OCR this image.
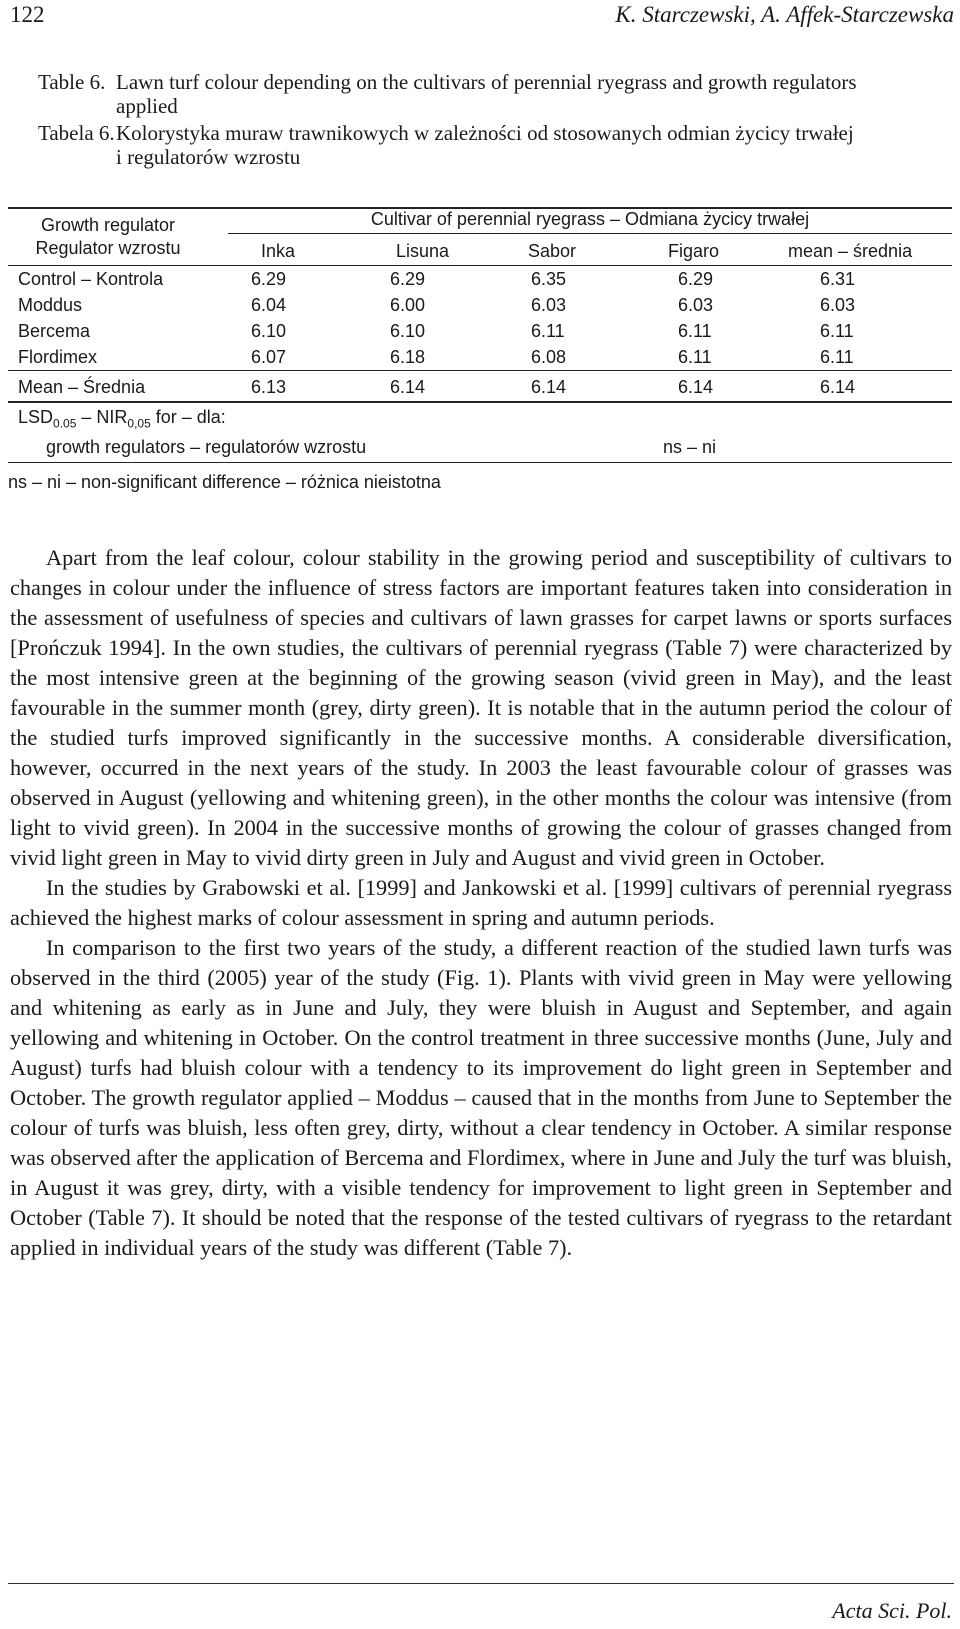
122	K. Starczewski, A. Affek-Starczewska
Table 6. Lawn turf colour depending on the cultivars of perennial ryegrass and growth regulators
applied
Tabela 6.Kolorystyka muraw trawnikowych w zależności od stosowanych odmian życicy trwałej
i regulatorów wzrostu
Growth regulator
Regulator wzrostu
Cultivar of perennial ryegrass – Odmiana życicy trwałej
Inka	Lisuna	Sabor	Figaro	mean – średnia
Control – Kontrola	6.29	6.29	6.35	6.29	6.31
Moddus	6.04	6.00	6.03	6.03	6.03
Bercema	6.10	6.10	6.11	6.11	6.11
Flordimex	6.07	6.18	6.08	6.11	6.11
Mean – Średnia	6.13	6.14	6.14	6.14	6.14
$LSD_{0.05} - NIR_{0,05}$ for – dla:
growth regulators – regulatorów wzrostu	ns – ni
ns – ni – non-significant difference – różnica nieistotna

Apart from the leaf colour, colour stability in the growing period and susceptibility of cultivars to changes in colour under the influence of stress factors are important features taken into consideration in the assessment of usefulness of species and cultivars of lawn grasses for carpet lawns or sports surfaces [Prończuk 1994]. In the own studies, the cultivars of perennial ryegrass (Table 7) were characterized by the most intensive green at the beginning of the growing season (vivid green in May), and the least favourable in the summer month (grey, dirty green). It is notable that in the autumn period the colour of the studied turfs improved significantly in the successive months. A considerable diversification, however, occurred in the next years of the study. In 2003 the least favourable colour of grasses was observed in August (yellowing and whitening green), in the other months the colour was intensive (from light to vivid green). In 2004 in the successive months of growing the colour of grasses changed from vivid light green in May to vivid dirty green in July and August and vivid green in October.

In the studies by Grabowski et al. [1999] and Jankowski et al. [1999] cultivars of perennial ryegrass achieved the highest marks of colour assessment in spring and autumn periods.

In comparison to the first two years of the study, a different reaction of the studied lawn turfs was observed in the third (2005) year of the study (Fig. 1). Plants with vivid green in May were yellowing and whitening as early as in June and July, they were bluish in August and September, and again yellowing and whitening in October. On the control treatment in three successive months (June, July and August) turfs had bluish colour with a tendency to its improvement do light green in September and October. The growth regulator applied – Moddus – caused that in the months from June to September the colour of turfs was bluish, less often grey, dirty, without a clear tendency in October. A similar response was observed after the application of Bercema and Flordimex, where in June and July the turf was bluish, in August it was grey, dirty, with a visible tendency for improvement to light green in September and October (Table 7). It should be noted that the response of the tested cultivars of ryegrass to the retardant applied in individual years of the study was different (Table 7).

Acta Sci. Pol.
